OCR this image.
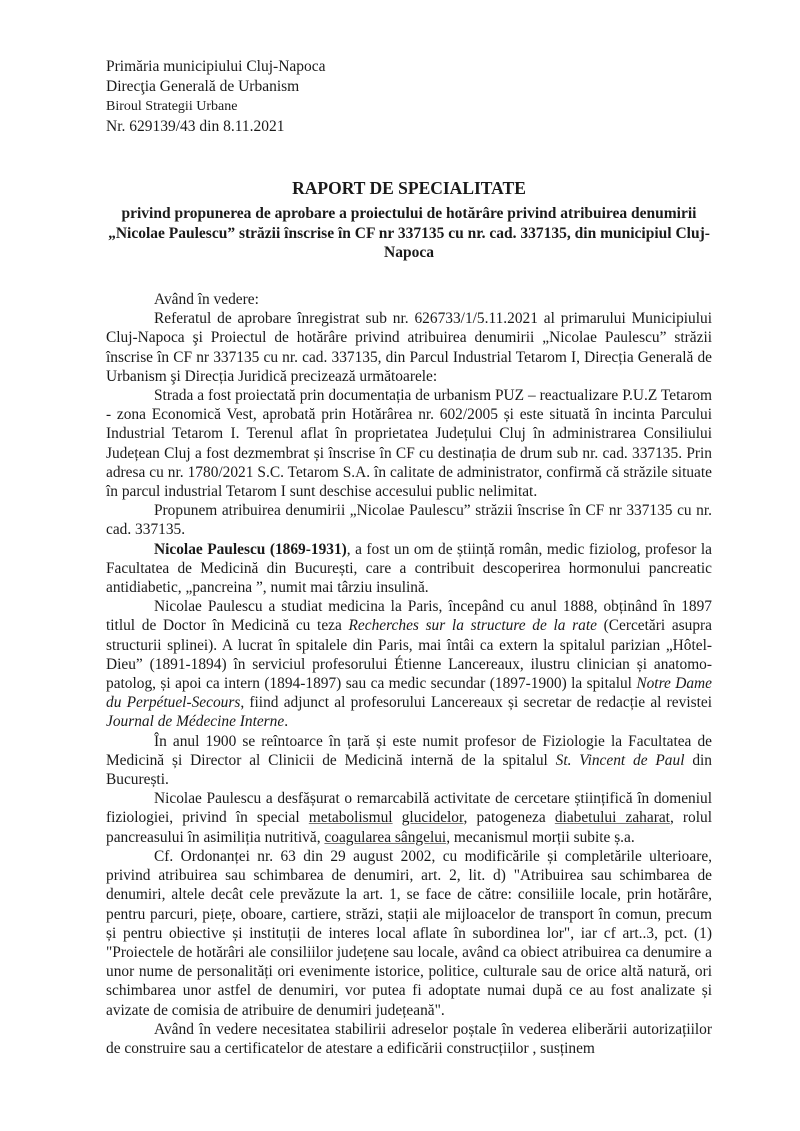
Primăria municipiului Cluj-Napoca
Direcţia Generală de Urbanism
Biroul Strategii Urbane
Nr. 629139/43 din 8.11.2021
RAPORT DE SPECIALITATE
privind propunerea de aprobare a proiectului de hotărâre privind atribuirea denumirii „Nicolae Paulescu” străzii înscrise în CF nr 337135 cu nr. cad. 337135, din municipiul Cluj-Napoca

Având în vedere:

Referatul de aprobare înregistrat sub nr. 626733/1/5.11.2021 al primarului Municipiului Cluj-Napoca şi Proiectul de hotărâre privind atribuirea denumirii „Nicolae Paulescu” străzii înscrise în CF nr 337135 cu nr. cad. 337135, din Parcul Industrial Tetarom I, Direcția Generală de Urbanism şi Direcția Juridică precizează următoarele:

Strada a fost proiectată prin documentația de urbanism PUZ – reactualizare P.U.Z Tetarom - zona Economică Vest, aprobată prin Hotărârea nr. 602/2005 și este situată în incinta Parcului Industrial Tetarom I. Terenul aflat în proprietatea Județului Cluj în administrarea Consiliului Județean Cluj a fost dezmembrat și înscrise în CF cu destinația de drum sub nr. cad. 337135. Prin adresa cu nr. 1780/2021 S.C. Tetarom S.A. în calitate de administrator, confirmă că străzile situate în parcul industrial Tetarom I sunt deschise accesului public nelimitat.

Propunem atribuirea denumirii „Nicolae Paulescu” străzii înscrise în CF nr 337135 cu nr. cad. 337135.

Nicolae Paulescu (1869-1931), a fost un om de știință român, medic fiziolog, profesor la Facultatea de Medicină din București, care a contribuit descoperirea hormonului pancreatic antidiabetic, „pancreina ”, numit mai târziu insulină.

Nicolae Paulescu a studiat medicina la Paris, începând cu anul 1888, obținând în 1897 titlul de Doctor în Medicină cu teza Recherches sur la structure de la rate (Cercetări asupra structurii splinei). A lucrat în spitalele din Paris, mai întâi ca extern la spitalul parizian „Hôtel-Dieu” (1891-1894) în serviciul profesorului Étienne Lancereaux, ilustru clinician și anatomo-patolog, și apoi ca intern (1894-1897) sau ca medic secundar (1897-1900) la spitalul Notre Dame du Perpétuel-Secours, fiind adjunct al profesorului Lancereaux și secretar de redacție al revistei Journal de Médecine Interne.

În anul 1900 se reîntoarce în țară și este numit profesor de Fiziologie la Facultatea de Medicină și Director al Clinicii de Medicină internă de la spitalul St. Vincent de Paul din București.

Nicolae Paulescu a desfășurat o remarcabilă activitate de cercetare științifică în domeniul fiziologiei, privind în special metabolismul glucidelor, patogeneza diabetului zaharat, rolul pancreasului în asimiliția nutritivă, coagularea sângelui, mecanismul morții subite ș.a.

Cf. Ordonanței nr. 63 din 29 august 2002, cu modificările și completările ulterioare, privind atribuirea sau schimbarea de denumiri, art. 2, lit. d) "Atribuirea sau schimbarea de denumiri, altele decât cele prevăzute la art. 1, se face de către: consiliile locale, prin hotărâre, pentru parcuri, piețe, oboare, cartiere, străzi, stații ale mijloacelor de transport în comun, precum și pentru obiective și instituții de interes local aflate în subordinea lor", iar cf art..3, pct. (1) "Proiectele de hotărâri ale consiliilor județene sau locale, având ca obiect atribuirea ca denumire a unor nume de personalități ori evenimente istorice, politice, culturale sau de orice altă natură, ori schimbarea unor astfel de denumiri, vor putea fi adoptate numai după ce au fost analizate și avizate de comisia de atribuire de denumiri județeană".

Având în vedere necesitatea stabilirii adreselor poștale în vederea eliberării autorizațiilor de construire sau a certificatelor de atestare a edificării construcțiilor , susținem
